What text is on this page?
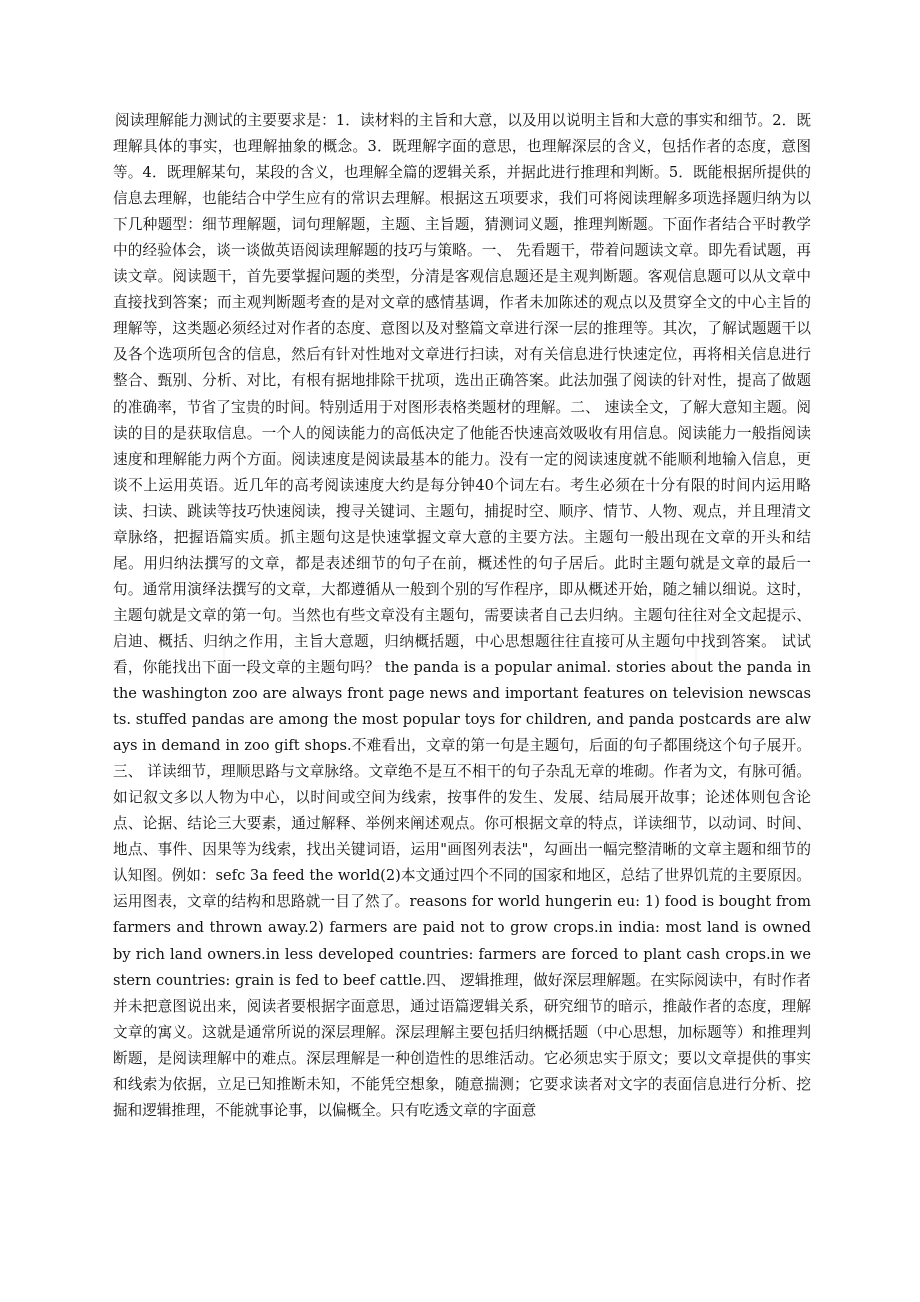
阅读理解能力测试的主要要求是：1．读材料的主旨和大意，以及用以说明主旨和大意的事实和细节。2．既理解具体的事实，也理解抽象的概念。3．既理解字面的意思，也理解深层的含义，包括作者的态度，意图等。4．既理解某句，某段的含义，也理解全篇的逻辑关系，并据此进行推理和判断。5．既能根据所提供的信息去理解，也能结合中学生应有的常识去理解。根据这五项要求，我们可将阅读理解多项选择题归纳为以下几种题型：细节理解题，词句理解题，主题、主旨题，猜测词义题，推理判断题。下面作者结合平时教学中的经验体会，谈一谈做英语阅读理解题的技巧与策略。一、 先看题干，带着问题读文章。即先看试题，再读文章。阅读题干，首先要掌握问题的类型，分清是客观信息题还是主观判断题。客观信息题可以从文章中直接找到答案；而主观判断题考查的是对文章的感情基调，作者未加陈述的观点以及贯穿全文的中心主旨的理解等，这类题必须经过对作者的态度、意图以及对整篇文章进行深一层的推理等。其次，了解试题题干以及各个选项所包含的信息，然后有针对性地对文章进行扫读，对有关信息进行快速定位，再将相关信息进行整合、甄别、分析、对比，有根有据地排除干扰项，选出正确答案。此法加强了阅读的针对性，提高了做题的准确率，节省了宝贵的时间。特别适用于对图形表格类题材的理解。二、 速读全文，了解大意知主题。阅读的目的是获取信息。一个人的阅读能力的高低决定了他能否快速高效吸收有用信息。阅读能力一般指阅读速度和理解能力两个方面。阅读速度是阅读最基本的能力。没有一定的阅读速度就不能顺利地输入信息，更谈不上运用英语。近几年的高考阅读速度大约是每分钟40个词左右。考生必须在十分有限的时间内运用略读、扫读、跳读等技巧快速阅读，搜寻关键词、主题句，捕捉时空、顺序、情节、人物、观点，并且理清文章脉络，把握语篇实质。抓主题句这是快速掌握文章大意的主要方法。主题句一般出现在文章的开头和结尾。用归纳法撰写的文章，都是表述细节的句子在前，概述性的句子居后。此时主题句就是文章的最后一句。通常用演绎法撰写的文章，大都遵循从一般到个别的写作程序，即从概述开始，随之辅以细说。这时，主题句就是文章的第一句。当然也有些文章没有主题句，需要读者自己去归纳。主题句往往对全文起提示、启迪、概括、归纳之作用，主旨大意题，归纳概括题，中心思想题往往直接可从主题句中找到答案。 试试看，你能找出下面一段文章的主题句吗？ the panda is a popular animal. stories about the panda in the washington zoo are always front page news and important features on television newscasts. stuffed pandas are among the most popular toys for children, and panda postcards are always in demand in zoo gift shops.不难看出，文章的第一句是主题句，后面的句子都围绕这个句子展开。三、 详读细节，理顺思路与文章脉络。文章绝不是互不相干的句子杂乱无章的堆砌。作者为文，有脉可循。如记叙文多以人物为中心，以时间或空间为线索，按事件的发生、发展、结局展开故事；论述体则包含论点、论据、结论三大要素，通过解释、举例来阐述观点。你可根据文章的特点，详读细节，以动词、时间、地点、事件、因果等为线索，找出关键词语，运用"画图列表法"，勾画出一幅完整清晰的文章主题和细节的认知图。例如：sefc 3a feed the world(2)本文通过四个不同的国家和地区，总结了世界饥荒的主要原因。运用图表，文章的结构和思路就一目了然了。reasons for world hungerin eu: 1) food is bought from farmers and thrown away.2) farmers are paid not to grow crops.in india: most land is owned by rich land owners.in less developed countries: farmers are forced to plant cash crops.in western countries: grain is fed to beef cattle.四、 逻辑推理，做好深层理解题。在实际阅读中，有时作者并未把意图说出来，阅读者要根据字面意思，通过语篇逻辑关系，研究细节的暗示，推敲作者的态度，理解文章的寓义。这就是通常所说的深层理解。深层理解主要包括归纳概括题（中心思想，加标题等）和推理判断题，是阅读理解中的难点。深层理解是一种创造性的思维活动。它必须忠实于原文；要以文章提供的事实和线索为依据，立足已知推断未知，不能凭空想象，随意揣测；它要求读者对文字的表面信息进行分析、挖掘和逻辑推理，不能就事论事，以偏概全。只有吃透文章的字面意
